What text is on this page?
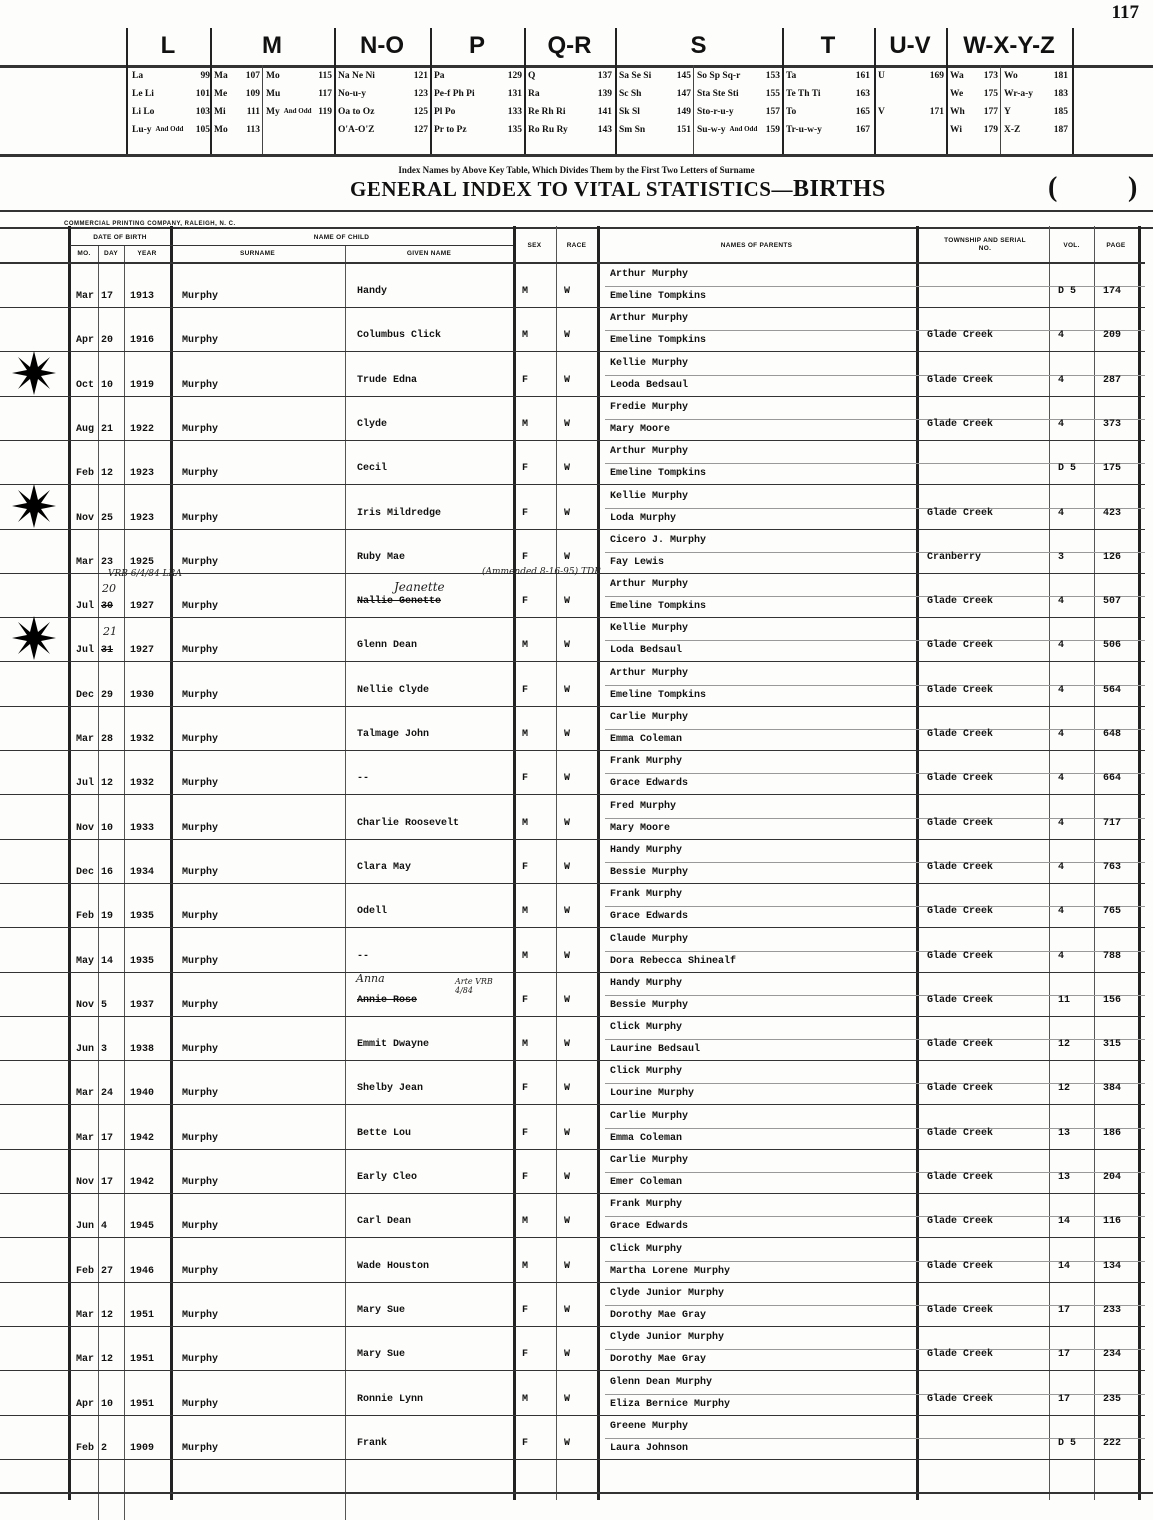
117
L	M	N-O	P	Q-R	S	T	U-V	W-X-Y-Z
La	99
Le Li	101
Li Lo	103
Lu-y And Odd 105
Ma 107
Me 109
Mi 111
Mo 113
Mo	115
Mu	117
My And Odd 119
Na Ne Ni	121
No-u-y	123
Oa to Oz	125
O'A-O'Z	127
Pa	129
Pe-f Ph Pi	131
Pl Po	133
Pr to Pz	135
Q	137
Ra	139
Re Rh Ri	141
Ro Ru Ry	143
Sa Se Si	145
Sc Sh	147
Sk Sl	149
Sm Sn	151
So Sp Sq-r	153
Sta Ste Sti	155
Sto-r-u-y	157
Su-w-y And Odd 159
Ta	161
Te Th Ti	163
To	165
Tr-u-w-y	167
U	169
V	171
Wa 173
We 175
Wh 177
Wi 179
Wo	181
Wr-a-y 183
Y	185
X-Z	187
Index Names by Above Key Table, Which Divides Them by the First Two Letters of Surname
GENERAL INDEX TO VITAL STATISTICS—BIRTHS	(	)
COMMERCIAL PRINTING COMPANY, RALEIGH, N. C.
DATE OF BIRTH
MO.	DAY	YEAR
NAME OF CHILD
SURNAME	GIVEN NAME
SEX	RACE	NAMES OF PARENTS
TOWNSHIP AND SERIAL NO.	VOL.	PAGE
Mar 17 1913	Murphy	Handy	M	W
Arthur Murphy
Emeline Tompkins	D 5	174
Apr 20 1916	Murphy	Columbus Click	M	W
Arthur Murphy
Emeline Tompkins	Glade Creek	4	209
Oct 10 1919	Murphy	Trude Edna	F	W
Kellie Murphy
Leoda Bedsaul	Glade Creek	4	287
Aug 21 1922	Murphy	Clyde	M	W
Fredie Murphy
Mary Moore	Glade Creek	4	373
Feb 12 1923	Murphy	Cecil	F	W
Arthur Murphy
Emeline Tompkins	D 5	175
Nov 25 1923	Murphy	Iris Mildredge	F	W
Kellie Murphy
Loda Murphy	Glade Creek	4	423
Mar 23 1925	Murphy	Ruby Mae	F	W
Cicero J. Murphy
Fay Lewis	Cranberry	3	126
Jul 30 1927	Murphy	Nallie Genette	F	W
Arthur Murphy
Emeline Tompkins	Glade Creek	4	507
Jul 31 1927	Murphy	Glenn Dean	M	W
Kellie Murphy
Loda Bedsaul	Glade Creek	4	506
Dec 29 1930	Murphy	Nellie Clyde	F	W
Arthur Murphy
Emeline Tompkins	Glade Creek	4	564
Mar 28 1932	Murphy	Talmage John	M	W
Carlie Murphy
Emma Coleman	Glade Creek	4	648
Jul 12 1932	Murphy	--	F	W
Frank Murphy
Grace Edwards	Glade Creek	4	664
Nov 10 1933	Murphy	Charlie Roosevelt	M	W
Fred Murphy
Mary Moore	Glade Creek	4	717
Dec 16 1934	Murphy	Clara May	F	W
Handy Murphy
Bessie Murphy	Glade Creek	4	763
Feb 19 1935	Murphy	Odell	M	W
Frank Murphy
Grace Edwards	Glade Creek	4	765
May 14 1935	Murphy	--	M	W
Claude Murphy
Dora Rebecca Shinealf	Glade Creek	4	788
Nov 5 1937	Murphy	Annie Rose	F	W
Handy Murphy
Bessie Murphy	Glade Creek	11	156
Jun 3 1938	Murphy	Emmit Dwayne	M	W
Click Murphy
Laurine Bedsaul	Glade Creek	12	315
Mar 24 1940	Murphy	Shelby Jean	F	W
Click Murphy
Lourine Murphy	Glade Creek	12	384
Mar 17 1942	Murphy	Bette Lou	F	W
Carlie Murphy
Emma Coleman	Glade Creek	13	186
Nov 17 1942	Murphy	Early Cleo	F	W
Carlie Murphy
Emer Coleman	Glade Creek	13	204
Jun 4 1945	Murphy	Carl Dean	M	W
Frank Murphy
Grace Edwards	Glade Creek	14	116
Feb 27 1946	Murphy	Wade Houston	M	W
Click Murphy
Martha Lorene Murphy	Glade Creek	14	134
Mar 12 1951	Murphy	Mary Sue	F	W
Clyde Junior Murphy
Dorothy Mae Gray	Glade Creek	17	233
Mar 12 1951	Murphy	Mary Sue	F	W
Clyde Junior Murphy
Dorothy Mae Gray	Glade Creek	17	234
Apr 10 1951	Murphy	Ronnie Lynn	M	W
Glenn Dean Murphy
Eliza Bernice Murphy	Glade Creek	17	235
Feb 2 1909	Murphy	Frank	F	W
Greene Murphy
Laura Johnson	D 5	222
VRB 6/4/84 LRA
20	Jeanette
(Ammended 8-16-95) TDR
21
Anna	Arte VRB 4/84
